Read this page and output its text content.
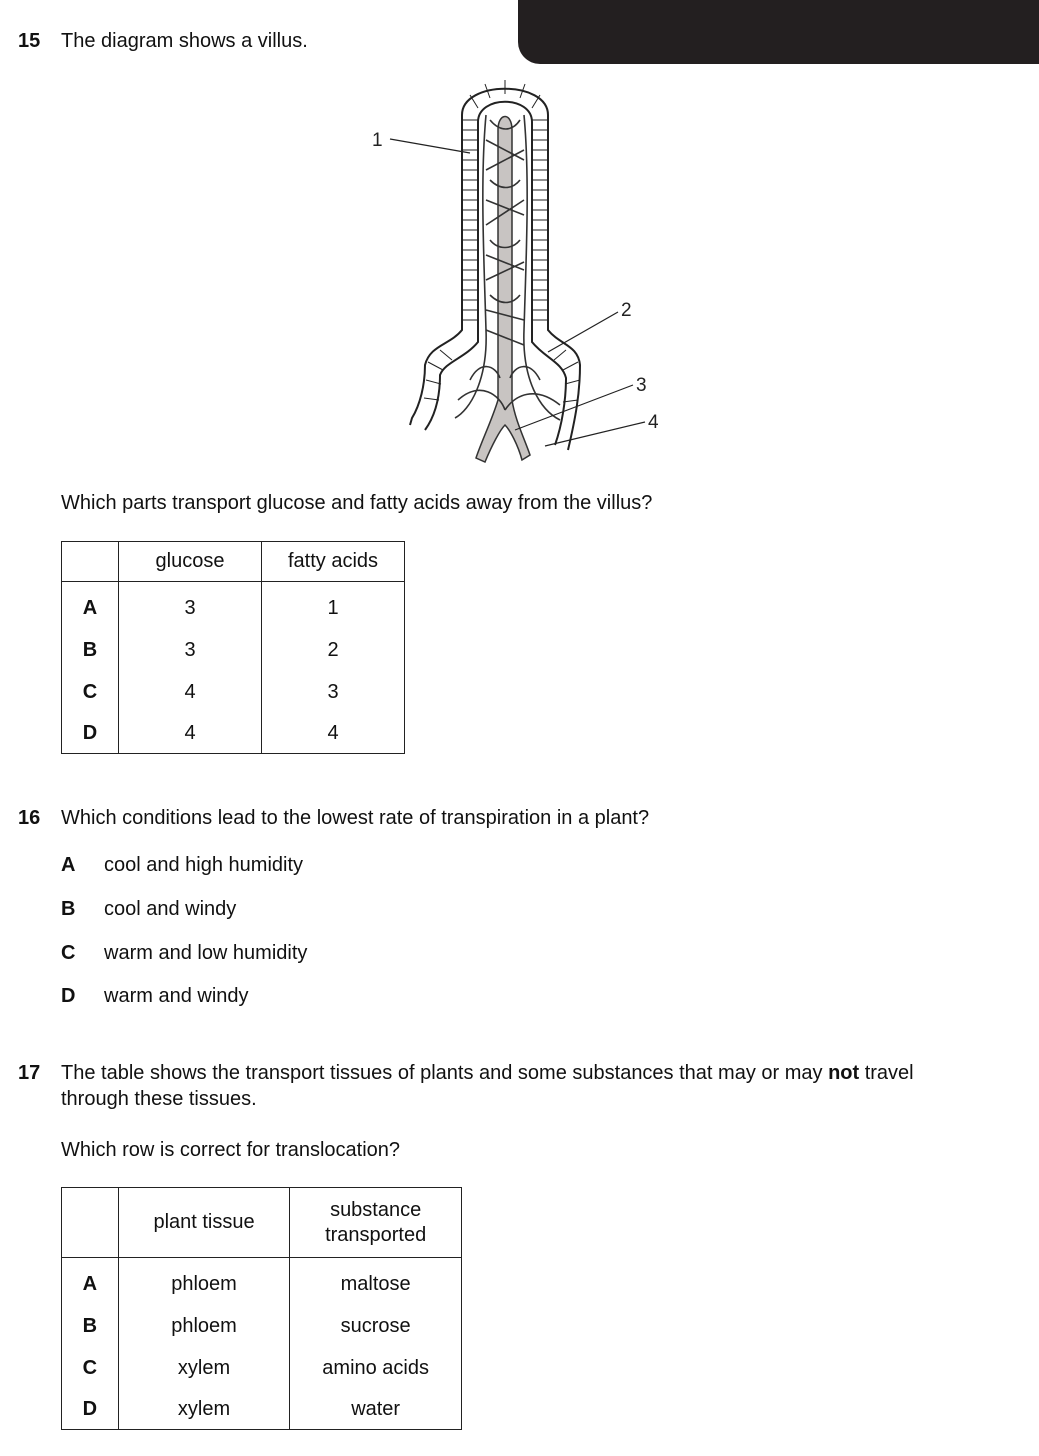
15 The diagram shows a villus.
1
2
3
4
Which parts transport glucose and fatty acids away from the villus?
	glucose	fatty acids
A	3	1
B	3	2
C	4	3
D	4	4
16 Which conditions lead to the lowest rate of transpiration in a plant?
A cool and high humidity
B cool and windy
C warm and low humidity
D warm and windy
17 The table shows the transport tissues of plants and some substances that may or may not travel
through these tissues.
Which row is correct for translocation?
	plant tissue	substance
transported

A	phloem	maltose
B	phloem	sucrose
C	xylem	amino acids
D	xylem	water
